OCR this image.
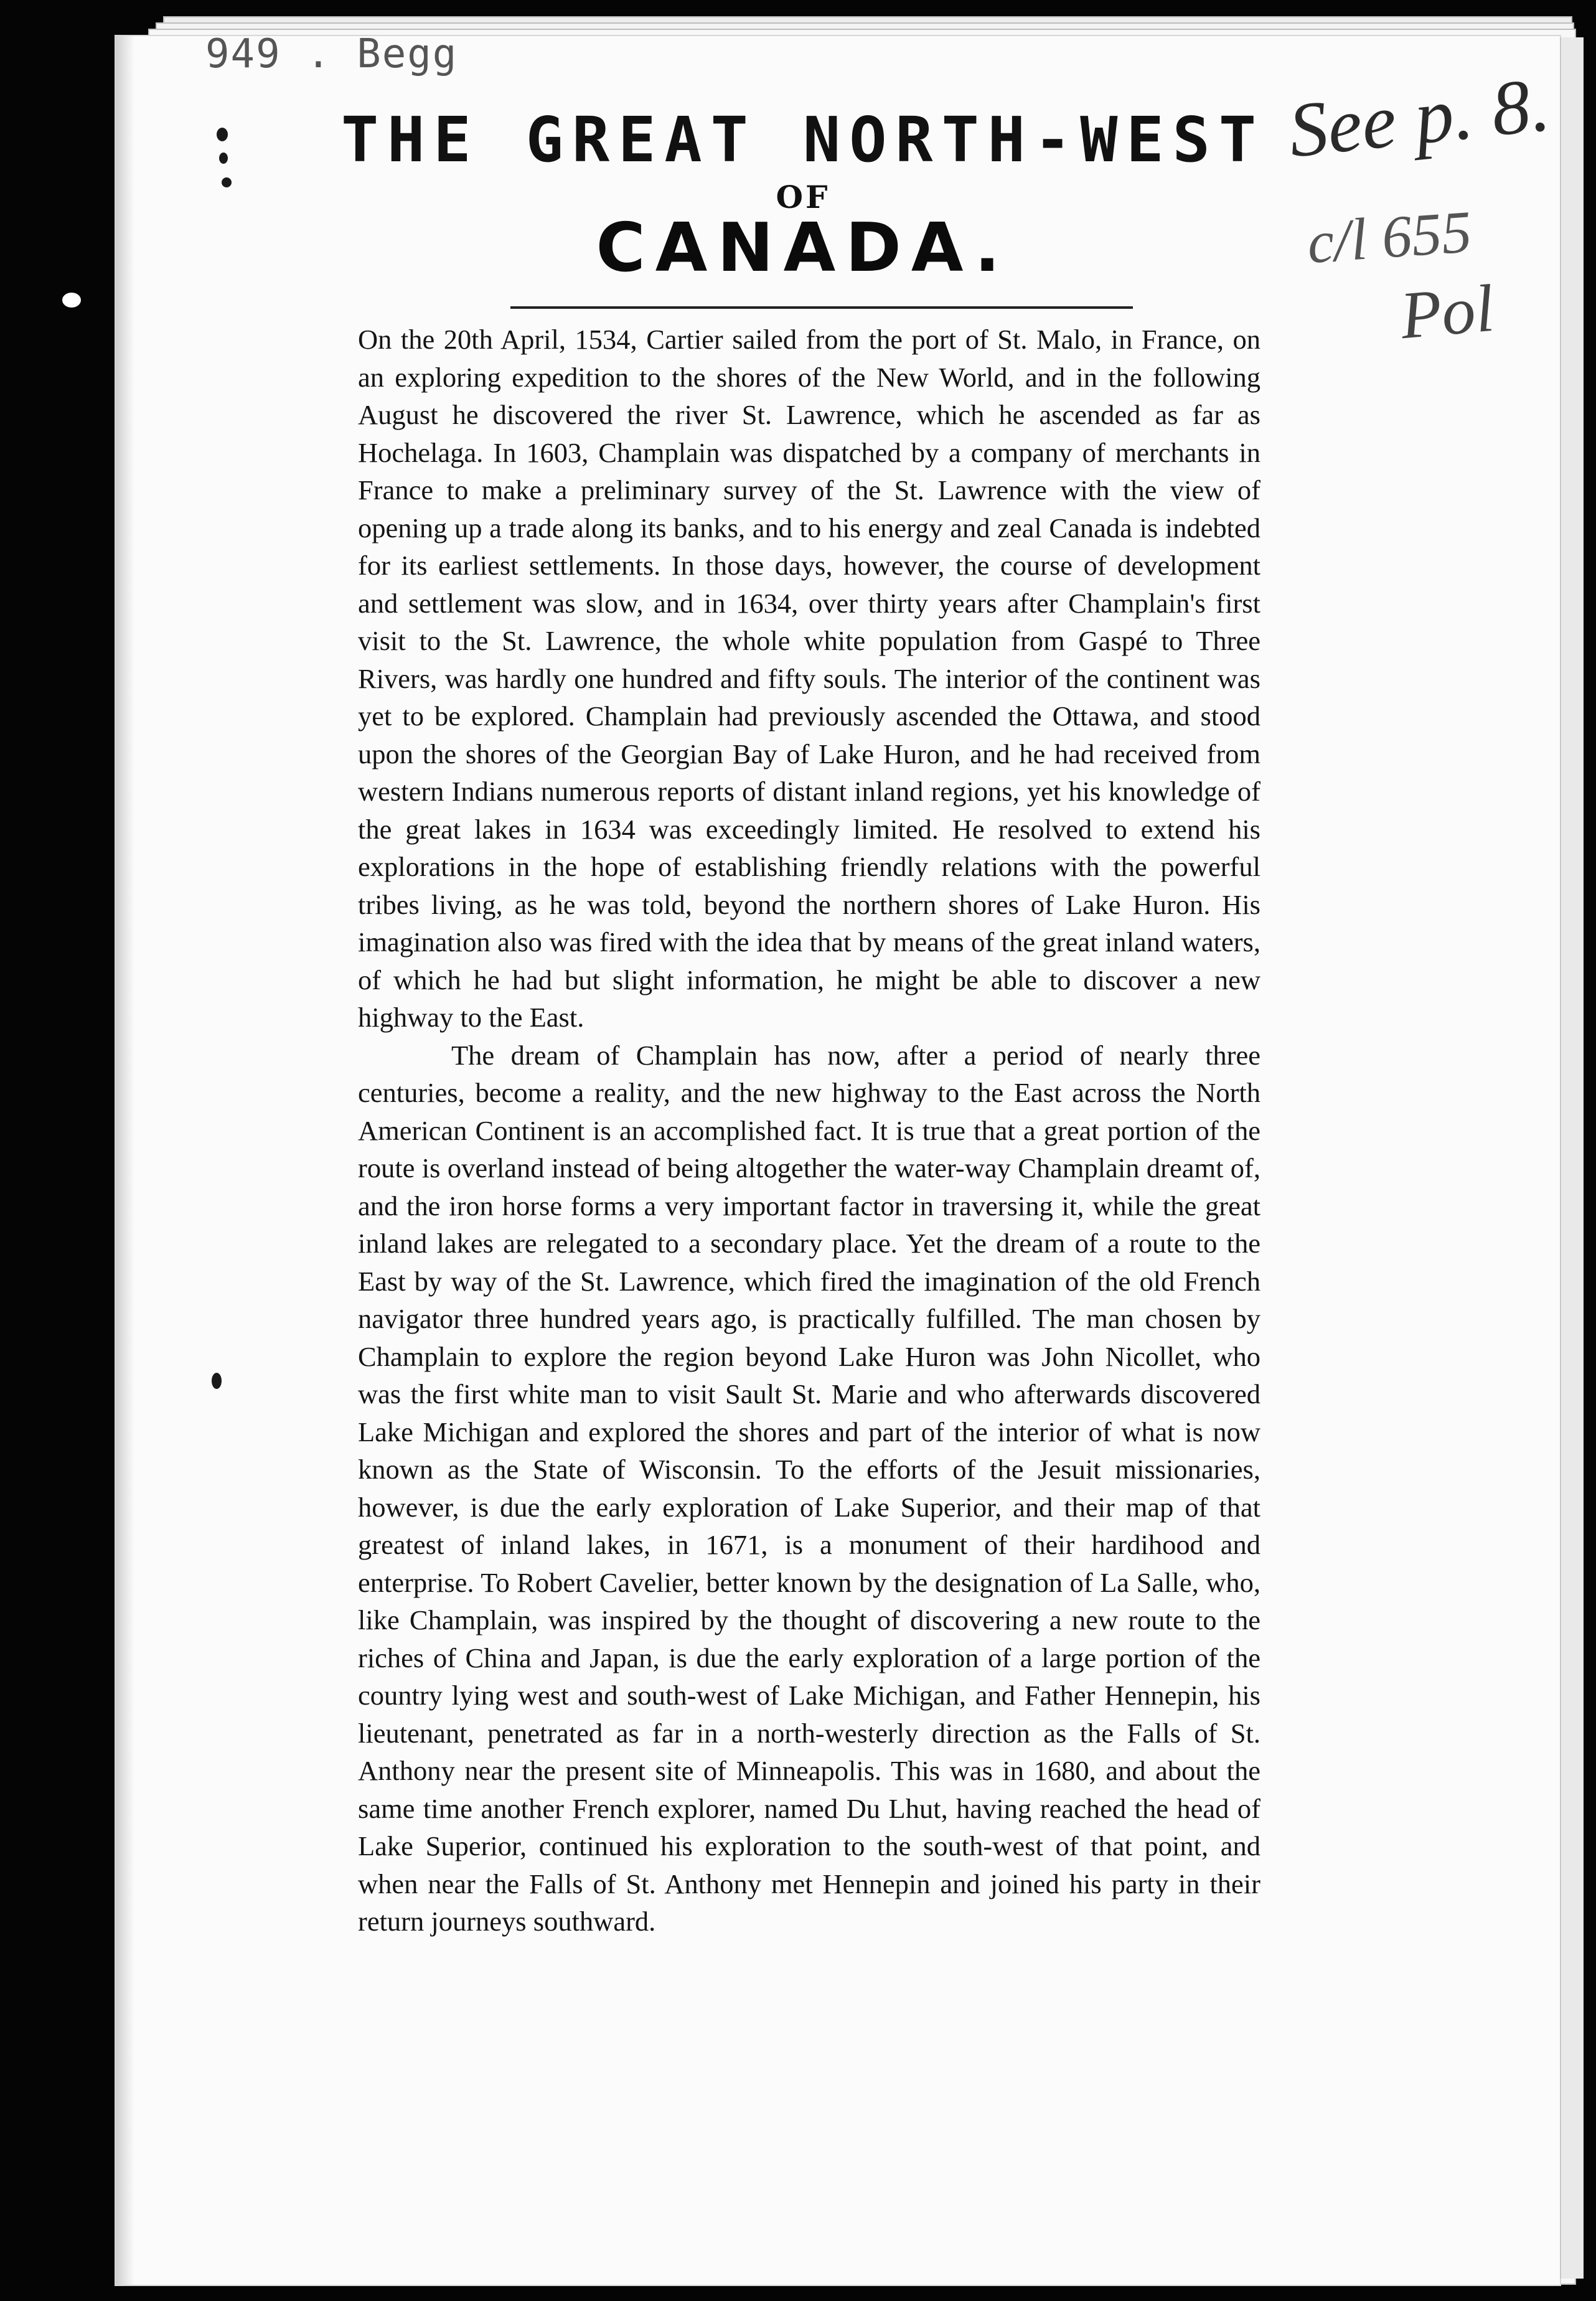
949 . Begg
See p. 8.
c/l 655
Pol
THE GREAT NORTH-WEST
OF
CANADA.

On the 20th April, 1534, Cartier sailed from the port of St. Malo, in France, on an exploring expedition to the shores of the New World, and in the following August he discovered the river St. Lawrence, which he ascended as far as Hochelaga. In 1603, Champlain was dispatched by a company of merchants in France to make a preliminary survey of the St. Lawrence with the view of opening up a trade along its banks, and to his energy and zeal Canada is indebted for its earliest settlements. In those days, however, the course of development and settlement was slow, and in 1634, over thirty years after Champlain's first visit to the St. Lawrence, the whole white population from Gaspé to Three Rivers, was hardly one hundred and fifty souls. The interior of the continent was yet to be explored. Champlain had previously ascended the Ottawa, and stood upon the shores of the Georgian Bay of Lake Huron, and he had received from western Indians numerous reports of distant inland regions, yet his knowledge of the great lakes in 1634 was exceedingly limited. He resolved to extend his explorations in the hope of establishing friendly relations with the powerful tribes living, as he was told, beyond the northern shores of Lake Huron. His imagination also was fired with the idea that by means of the great inland waters, of which he had but slight information, he might be able to discover a new highway to the East.

The dream of Champlain has now, after a period of nearly three centuries, become a reality, and the new highway to the East across the North American Continent is an accomplished fact. It is true that a great portion of the route is overland instead of being altogether the water-way Champlain dreamt of, and the iron horse forms a very important factor in traversing it, while the great inland lakes are relegated to a secondary place. Yet the dream of a route to the East by way of the St. Lawrence, which fired the imagination of the old French navigator three hundred years ago, is practically fulfilled. The man chosen by Champlain to explore the region beyond Lake Huron was John Nicollet, who was the first white man to visit Sault St. Marie and who afterwards discovered Lake Michigan and explored the shores and part of the interior of what is now known as the State of Wisconsin. To the efforts of the Jesuit missionaries, however, is due the early exploration of Lake Superior, and their map of that greatest of inland lakes, in 1671, is a monument of their hardihood and enterprise. To Robert Cavelier, better known by the designation of La Salle, who, like Champlain, was inspired by the thought of discovering a new route to the riches of China and Japan, is due the early exploration of a large portion of the country lying west and south-west of Lake Michigan, and Father Hennepin, his lieutenant, penetrated as far in a north-westerly direction as the Falls of St. Anthony near the present site of Minneapolis. This was in 1680, and about the same time another French explorer, named Du Lhut, having reached the head of Lake Superior, continued his exploration to the south-west of that point, and when near the Falls of St. Anthony met Hennepin and joined his party in their return journeys southward.
